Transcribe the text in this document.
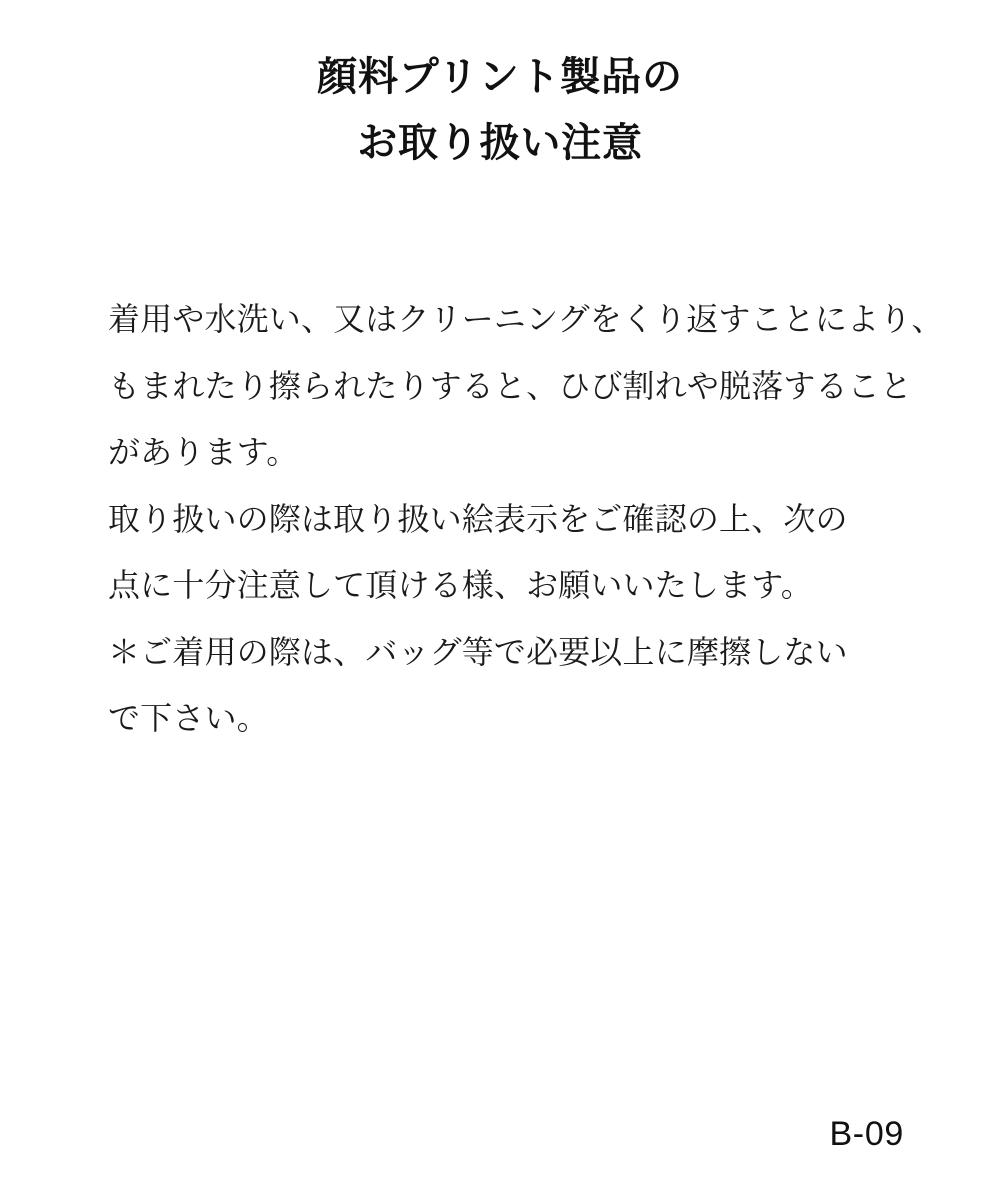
顔料プリント製品の
お取り扱い注意
着用や水洗い、又はクリーニングをくり返すことにより、
もまれたり擦られたりすると、ひび割れや脱落すること
があります。
取り扱いの際は取り扱い絵表示をご確認の上、次の
点に十分注意して頂ける様、お願いいたします。
＊ご着用の際は、バッグ等で必要以上に摩擦しない
で下さい。
B-09
